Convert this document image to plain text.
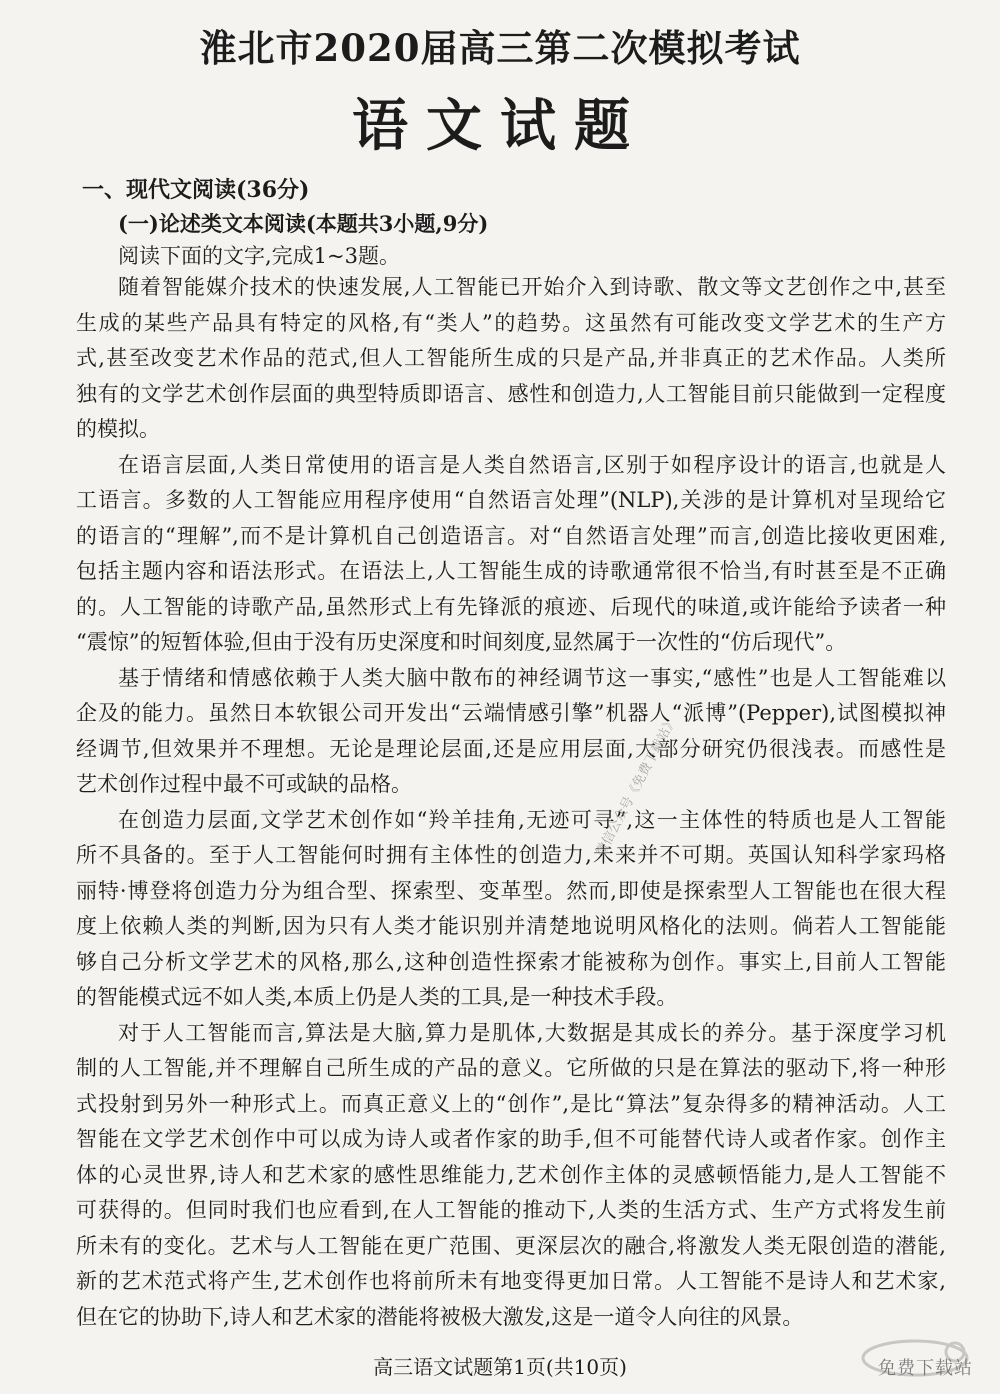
淮北市2020届高三第二次模拟考试
语文试题
一、现代文阅读(36分)
(一)论述类文本阅读(本题共3小题,9分)
阅读下面的文字,完成1~3题。
随着智能媒介技术的快速发展,人工智能已开始介入到诗歌、散文等文艺创作之中,甚至
生成的某些产品具有特定的风格,有“类人”的趋势。这虽然有可能改变文学艺术的生产方
式,甚至改变艺术作品的范式,但人工智能所生成的只是产品,并非真正的艺术作品。人类所
独有的文学艺术创作层面的典型特质即语言、感性和创造力,人工智能目前只能做到一定程度
的模拟。
在语言层面,人类日常使用的语言是人类自然语言,区别于如程序设计的语言,也就是人
工语言。多数的人工智能应用程序使用“自然语言处理”(NLP),关涉的是计算机对呈现给它
的语言的“理解”,而不是计算机自己创造语言。对“自然语言处理”而言,创造比接收更困难,
包括主题内容和语法形式。在语法上,人工智能生成的诗歌通常很不恰当,有时甚至是不正确
的。人工智能的诗歌产品,虽然形式上有先锋派的痕迹、后现代的味道,或许能给予读者一种
“震惊”的短暂体验,但由于没有历史深度和时间刻度,显然属于一次性的“仿后现代”。
基于情绪和情感依赖于人类大脑中散布的神经调节这一事实,“感性”也是人工智能难以
企及的能力。虽然日本软银公司开发出“云端情感引擎”机器人“派博”(Pepper),试图模拟神
经调节,但效果并不理想。无论是理论层面,还是应用层面,大部分研究仍很浅表。而感性是
艺术创作过程中最不可或缺的品格。
在创造力层面,文学艺术创作如“羚羊挂角,无迹可寻”,这一主体性的特质也是人工智能
所不具备的。至于人工智能何时拥有主体性的创造力,未来并不可期。英国认知科学家玛格
丽特·博登将创造力分为组合型、探索型、变革型。然而,即使是探索型人工智能也在很大程
度上依赖人类的判断,因为只有人类才能识别并清楚地说明风格化的法则。倘若人工智能能
够自己分析文学艺术的风格,那么,这种创造性探索才能被称为创作。事实上,目前人工智能
的智能模式远不如人类,本质上仍是人类的工具,是一种技术手段。
对于人工智能而言,算法是大脑,算力是肌体,大数据是其成长的养分。基于深度学习机
制的人工智能,并不理解自己所生成的产品的意义。它所做的只是在算法的驱动下,将一种形
式投射到另外一种形式上。而真正意义上的“创作”,是比“算法”复杂得多的精神活动。人工
智能在文学艺术创作中可以成为诗人或者作家的助手,但不可能替代诗人或者作家。创作主
体的心灵世界,诗人和艺术家的感性思维能力,艺术创作主体的灵感顿悟能力,是人工智能不
可获得的。但同时我们也应看到,在人工智能的推动下,人类的生活方式、生产方式将发生前
所未有的变化。艺术与人工智能在更广范围、更深层次的融合,将激发人类无限创造的潜能,
新的艺术范式将产生,艺术创作也将前所未有地变得更加日常。人工智能不是诗人和艺术家,
但在它的协助下,诗人和艺术家的潜能将被极大激发,这是一道令人向往的风景。
微信公众号《免费下载站》
免费下载站
高三语文试题第1页(共10页)
